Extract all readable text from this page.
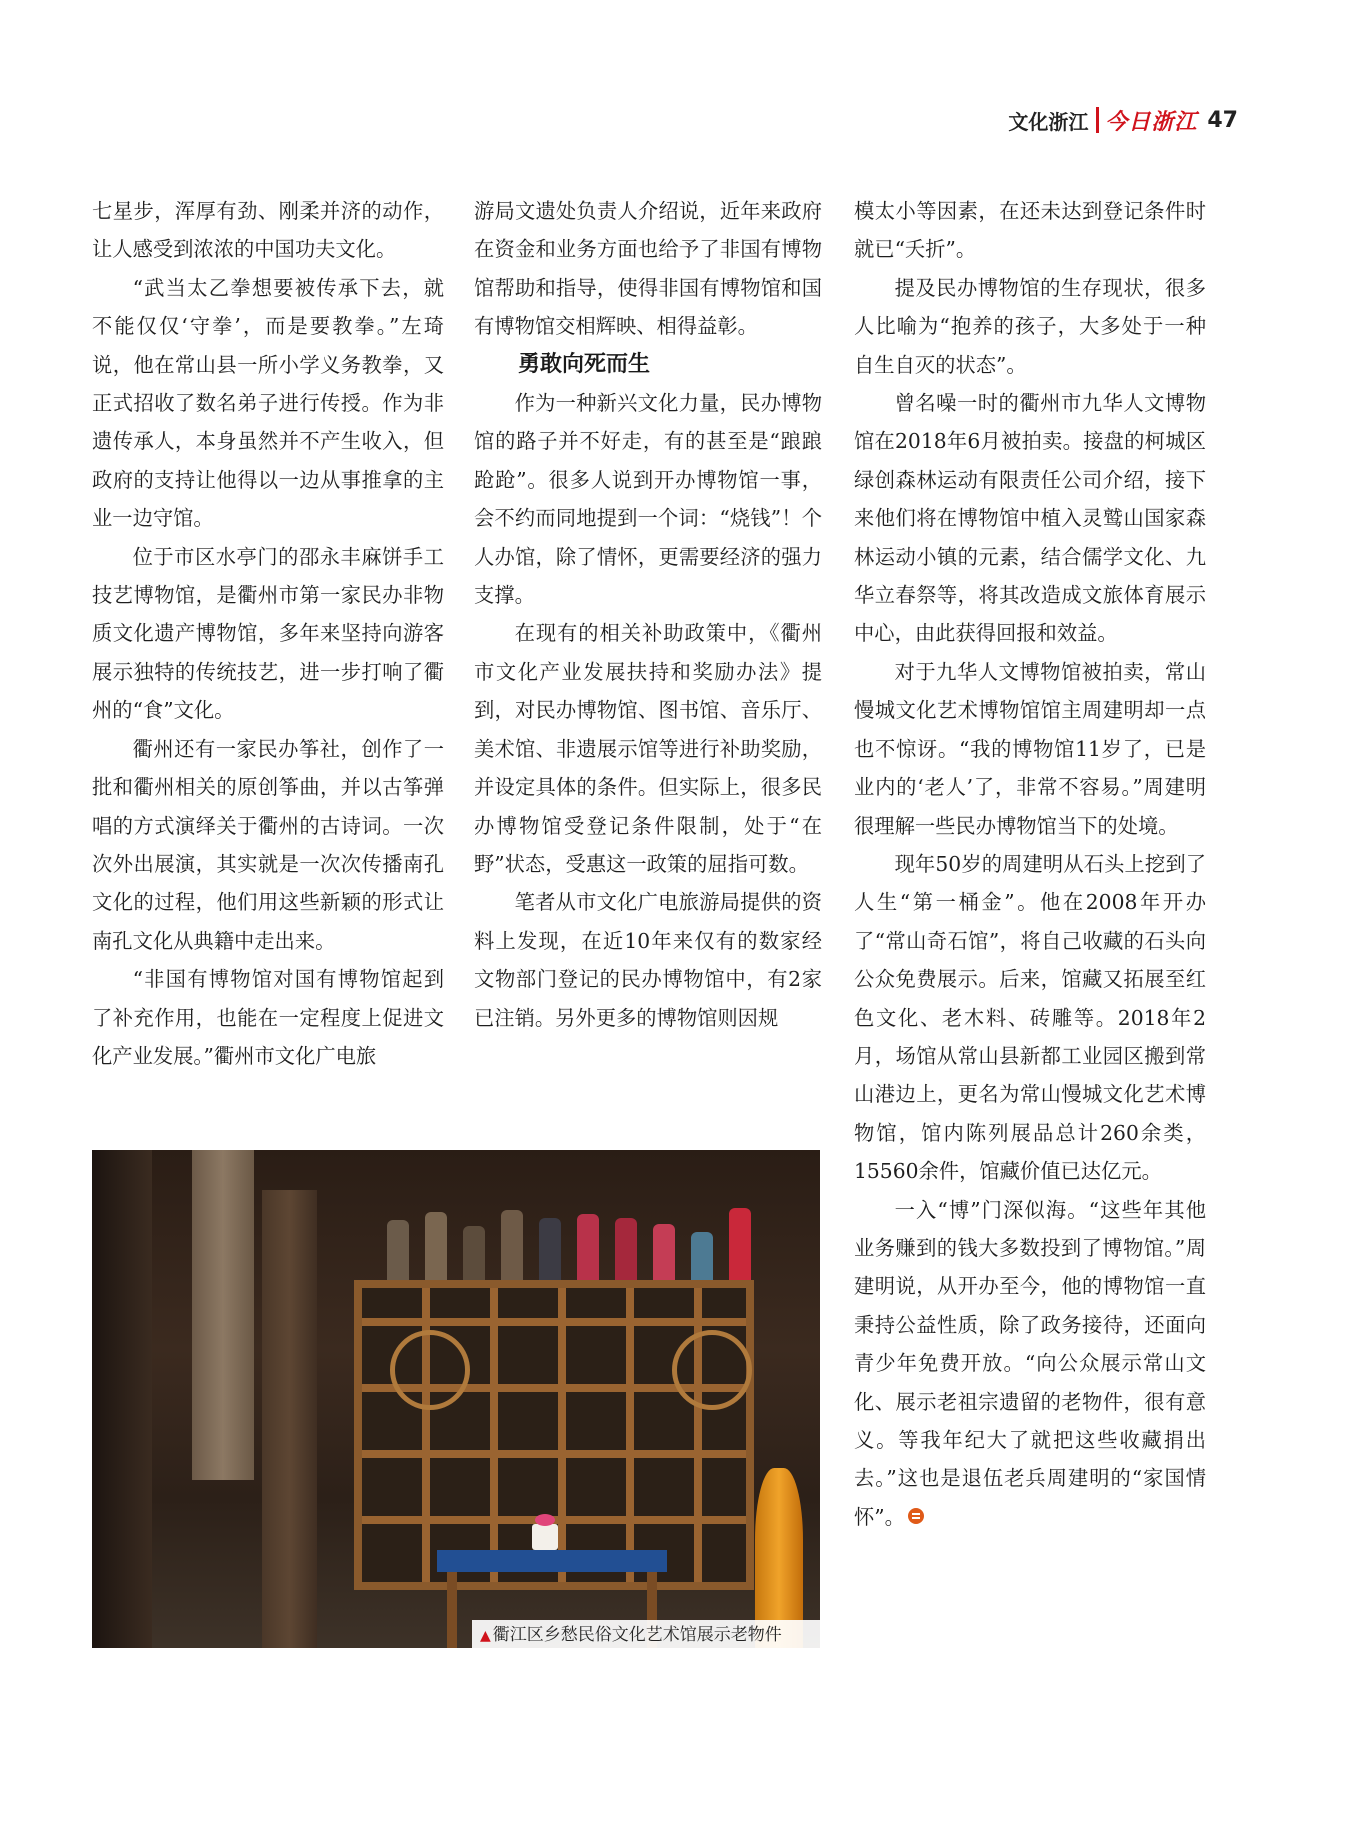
文化浙江 今日浙江 47

七星步，浑厚有劲、刚柔并济的动作，让人感受到浓浓的中国功夫文化。

“武当太乙拳想要被传承下去，就不能仅仅‘守拳’，而是要教拳。”左琦说，他在常山县一所小学义务教拳，又正式招收了数名弟子进行传授。作为非遗传承人，本身虽然并不产生收入，但政府的支持让他得以一边从事推拿的主业一边守馆。

位于市区水亭门的邵永丰麻饼手工技艺博物馆，是衢州市第一家民办非物质文化遗产博物馆，多年来坚持向游客展示独特的传统技艺，进一步打响了衢州的“食”文化。

衢州还有一家民办筝社，创作了一批和衢州相关的原创筝曲，并以古筝弹唱的方式演绎关于衢州的古诗词。一次次外出展演，其实就是一次次传播南孔文化的过程，他们用这些新颖的形式让南孔文化从典籍中走出来。

“非国有博物馆对国有博物馆起到了补充作用，也能在一定程度上促进文化产业发展。”衢州市文化广电旅

游局文遗处负责人介绍说，近年来政府在资金和业务方面也给予了非国有博物馆帮助和指导，使得非国有博物馆和国有博物馆交相辉映、相得益彰。

勇敢向死而生

作为一种新兴文化力量，民办博物馆的路子并不好走，有的甚至是“踉踉跄跄”。很多人说到开办博物馆一事，会不约而同地提到一个词：“烧钱”！个人办馆，除了情怀，更需要经济的强力支撑。

在现有的相关补助政策中，《衢州市文化产业发展扶持和奖励办法》提到，对民办博物馆、图书馆、音乐厅、美术馆、非遗展示馆等进行补助奖励，并设定具体的条件。但实际上，很多民办博物馆受登记条件限制，处于“在野”状态，受惠这一政策的屈指可数。

笔者从市文化广电旅游局提供的资料上发现，在近10年来仅有的数家经文物部门登记的民办博物馆中，有2家已注销。另外更多的博物馆则因规

模太小等因素，在还未达到登记条件时就已“夭折”。

提及民办博物馆的生存现状，很多人比喻为“抱养的孩子，大多处于一种自生自灭的状态”。

曾名噪一时的衢州市九华人文博物馆在2018年6月被拍卖。接盘的柯城区绿创森林运动有限责任公司介绍，接下来他们将在博物馆中植入灵鹫山国家森林运动小镇的元素，结合儒学文化、九华立春祭等，将其改造成文旅体育展示中心，由此获得回报和效益。

对于九华人文博物馆被拍卖，常山慢城文化艺术博物馆馆主周建明却一点也不惊讶。“我的博物馆11岁了，已是业内的‘老人’了，非常不容易。”周建明很理解一些民办博物馆当下的处境。

现年50岁的周建明从石头上挖到了人生“第一桶金”。他在2008年开办了“常山奇石馆”，将自己收藏的石头向公众免费展示。后来，馆藏又拓展至红色文化、老木料、砖雕等。2018年2月，场馆从常山县新都工业园区搬到常山港边上，更名为常山慢城文化艺术博物馆，馆内陈列展品总计260余类，15560余件，馆藏价值已达亿元。

一入“博”门深似海。“这些年其他业务赚到的钱大多数投到了博物馆。”周建明说，从开办至今，他的博物馆一直秉持公益性质，除了政务接待，还面向青少年免费开放。“向公众展示常山文化、展示老祖宗遗留的老物件，很有意义。等我年纪大了就把这些收藏捐出去。”这也是退伍老兵周建明的“家国情怀”。

▲ 衢江区乡愁民俗文化艺术馆展示老物件
